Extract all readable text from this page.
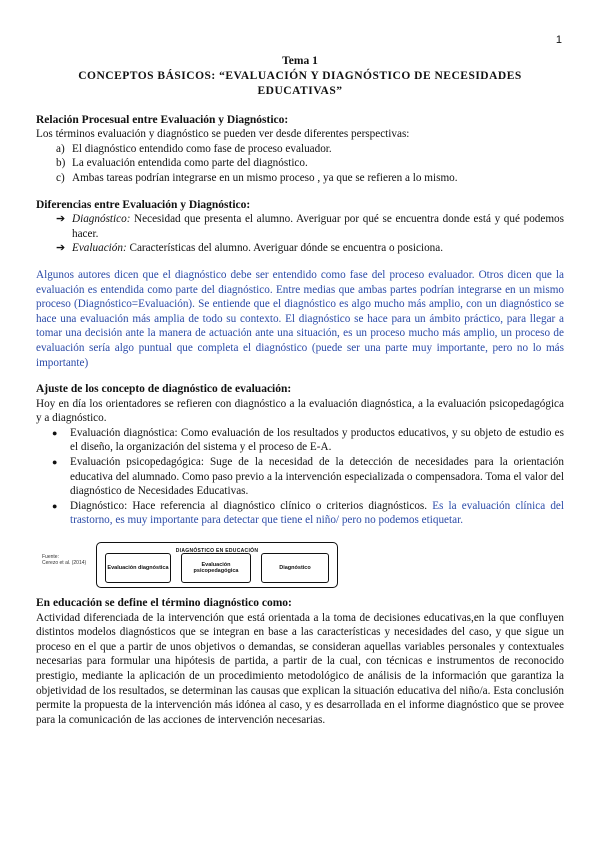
1
Tema 1
CONCEPTOS BÁSICOS: “EVALUACIÓN Y DIAGNÓSTICO DE NECESIDADES
EDUCATIVAS”
Relación Procesual entre Evaluación y Diagnóstico:

Los términos evaluación y diagnóstico se pueden ver desde diferentes perspectivas:

a) El diagnóstico entendido como fase de proceso evaluador.
b) La evaluación entendida como parte del diagnóstico.
c) Ambas tareas podrían integrarse en un mismo proceso , ya que se refieren a lo mismo.
Diferencias entre Evaluación y Diagnóstico:
➔ Diagnóstico: Necesidad que presenta el alumno. Averiguar por qué se encuentra donde está y qué podemos hacer.
➔ Evaluación: Características del alumno. Averiguar dónde se encuentra o posiciona.

Algunos autores dicen que el diagnóstico debe ser entendido como fase del proceso evaluador. Otros dicen que la evaluación es entendida como parte del diagnóstico. Entre medias que ambas partes podrían integrarse en un mismo proceso (Diagnóstico=Evaluación). Se entiende que el diagnóstico es algo mucho más amplio, con un diagnóstico se hace una evaluación más amplia de todo su contexto. El diagnóstico se hace para un ámbito práctico, para llegar a tomar una decisión ante la manera de actuación ante una situación, es un proceso mucho más amplio, un proceso de evaluación sería algo puntual que completa el diagnóstico (puede ser una parte muy importante, pero no lo más importante)

Ajuste de los concepto de diagnóstico de evaluación:

Hoy en día los orientadores se refieren con diagnóstico a la evaluación diagnóstica, a la evaluación psicopedagógica y a diagnóstico.

●	Evaluación diagnóstica: Como evaluación de los resultados y productos educativos, y su objeto de estudio es el diseño, la organización del sistema y el proceso de E-A.
●	Evaluación psicopedagógica: Suge de la necesidad de la detección de necesidades para la orientación educativa del alumnado. Como paso previo a la intervención especializada o compensadora. Toma el valor del diagnóstico de Necesidades Educativas.
●	Diagnóstico: Hace referencia al diagnóstico clínico o criterios diagnósticos. Es la evaluación clínica del trastorno, es muy importante para detectar que tiene el niño/ pero no podemos etiquetar.
Fuente:
Cerezo et al. (2014)
DIAGNÓSTICO EN EDUCACIÓN
Evaluación diagnóstica
Evaluación psicopedagógica
Diagnóstico
En educación se define el término diagnóstico como:

Actividad diferenciada de la intervención que está orientada a la toma de decisiones educativas,en la que confluyen distintos modelos diagnósticos que se integran en base a las características y necesidades del caso, y que sigue un proceso en el que a partir de unos objetivos o demandas, se consideran aquellas variables personales y contextuales necesarias para formular una hipótesis de partida, a partir de la cual, con técnicas e instrumentos de reconocido prestigio, mediante la aplicación de un procedimiento metodológico de análisis de la información que garantiza la objetividad de los resultados, se determinan las causas que explican la situación educativa del niño/a. Esta conclusión permite la propuesta de la intervención más idónea al caso, y es desarrollada en el informe diagnóstico que se provee para la comunicación de las acciones de intervención necesarias.
